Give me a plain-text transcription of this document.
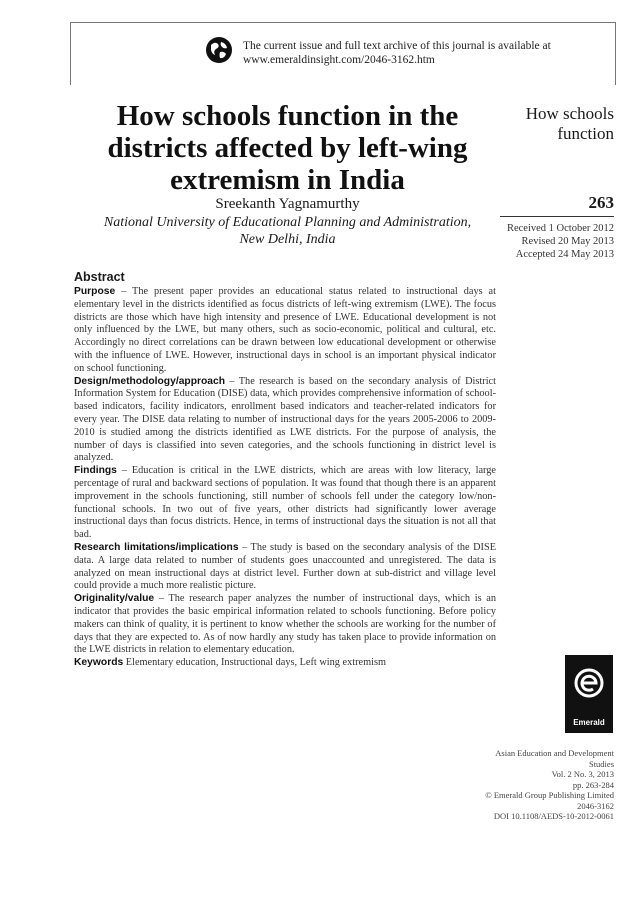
The current issue and full text archive of this journal is available at
www.emeraldinsight.com/2046-3162.htm
How schools function in the districts affected by left-wing extremism in India
Sreekanth Yagnamurthy
National University of Educational Planning and Administration,
New Delhi, India
How schools
function
263
Received 1 October 2012
Revised 20 May 2013
Accepted 24 May 2013
Abstract

Purpose – The present paper provides an educational status related to instructional days at elementary level in the districts identified as focus districts of left-wing extremism (LWE). The focus districts are those which have high intensity and presence of LWE. Educational development is not only influenced by the LWE, but many others, such as socio-economic, political and cultural, etc. Accordingly no direct correlations can be drawn between low educational development or otherwise with the influence of LWE. However, instructional days in school is an important physical indicator on school functioning.

Design/methodology/approach – The research is based on the secondary analysis of District Information System for Education (DISE) data, which provides comprehensive information of school-based indicators, facility indicators, enrollment based indicators and teacher-related indicators for every year. The DISE data relating to number of instructional days for the years 2005-2006 to 2009-2010 is studied among the districts identified as LWE districts. For the purpose of analysis, the number of days is classified into seven categories, and the schools functioning in district level is analyzed.

Findings – Education is critical in the LWE districts, which are areas with low literacy, large percentage of rural and backward sections of population. It was found that though there is an apparent improvement in the schools functioning, still number of schools fell under the category low/non-functional schools. In two out of five years, other districts had significantly lower average instructional days than focus districts. Hence, in terms of instructional days the situation is not all that bad.

Research limitations/implications – The study is based on the secondary analysis of the DISE data. A large data related to number of students goes unaccounted and unregistered. The data is analyzed on mean instructional days at district level. Further down at sub-district and village level could provide a much more realistic picture.

Originality/value – The research paper analyzes the number of instructional days, which is an indicator that provides the basic empirical information related to schools functioning. Before policy makers can think of quality, it is pertinent to know whether the schools are working for the number of days that they are expected to. As of now hardly any study has taken place to provide information on the LWE districts in relation to elementary education.

Keywords Elementary education, Instructional days, Left wing extremism

Emerald
Asian Education and Development
Studies
Vol. 2 No. 3, 2013
pp. 263-284
© Emerald Group Publishing Limited
2046-3162
DOI 10.1108/AEDS-10-2012-0061
